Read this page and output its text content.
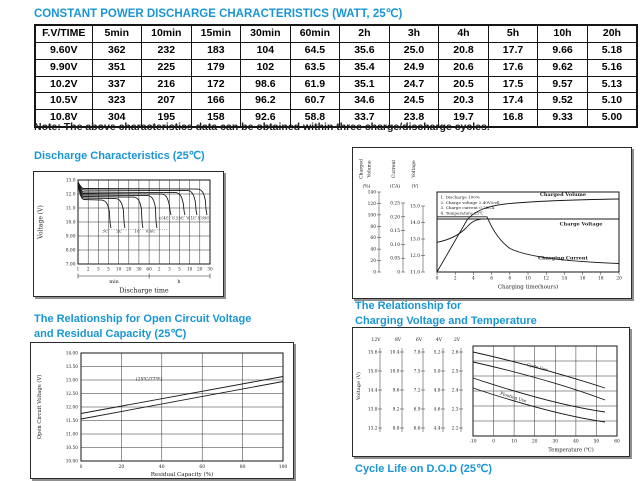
CONSTANT POWER DISCHARGE CHARACTERISTICS (WATT, 25℃)
F.V/TIME	5min	10min	15min	30min	60min	2h	3h	4h	5h	10h	20h
9.60V	362	232	183	104	64.5	35.6	25.0	20.8	17.7	9.66	5.18
9.90V	351	225	179	102	63.5	35.4	24.9	20.6	17.6	9.62	5.16
10.2V	337	216	172	98.6	61.9	35.1	24.7	20.5	17.5	9.57	5.13
10.5V	323	207	166	96.2	60.7	34.6	24.5	20.3	17.4	9.52	5.10
10.8V	304	195	158	92.6	58.8	33.7	23.8	19.7	16.8	9.33	5.00
Note: The above characteristics data can be obtained within three charge/discharge cycles.
Discharge Characteristics (25℃)
Voltage (V)
13.0
12.0
11.0
10.0
9.00
8.00
7.00
3C 2C	1C 0.6C
0.4C 0.25C 0.1C 0.05C
1 2 3 5 10 20 30 60 2 3 5 10 20 30
min	h
Discharge time
Charged Volume	Current	Voltage
(%)	(CA) (V)
140
120
100
80
60
40
20
0
0.25
0.20
0.15
0.10
0.05
0
15.0
14.0
13.0
12.0
11.0
1. Discharge 100%
2. Charge voltage 2.40V/cell
3. Charge current 0.25CA
4. Temperature 25℃
Charged Volume
Charge Voltage
Charging Current
0	2	4	6	8	10	12	14	16	18	20
Charging time(hours)
The Relationship for Open Circuit Voltage
and Residual Capacity (25℃)
Open Circuit Voltage (V)
14.00
13.50
13.00
12.50
12.00
11.50
11.00
10.50
10.00
(25℃/77℉)
0	20	40	60	80	100
Residual Capacity (%)
The Relationship for
Charging Voltage and Temperature
Voltage (V)
12V	8V	6V	4V	2V
15.6
15.0
14.4
13.8
13.2
10.4
10.0
9.6
9.2
8.8
7.8
7.5
7.2
6.9
6.6
5.2
5.0
4.8
4.6
4.4
2.6
2.5
2.4
2.3
2.2
Cycle Use
Floating Use
-10	0	10	20	30	40	50	60
Temperature (℃)
Cycle Life on D.O.D (25℃)
